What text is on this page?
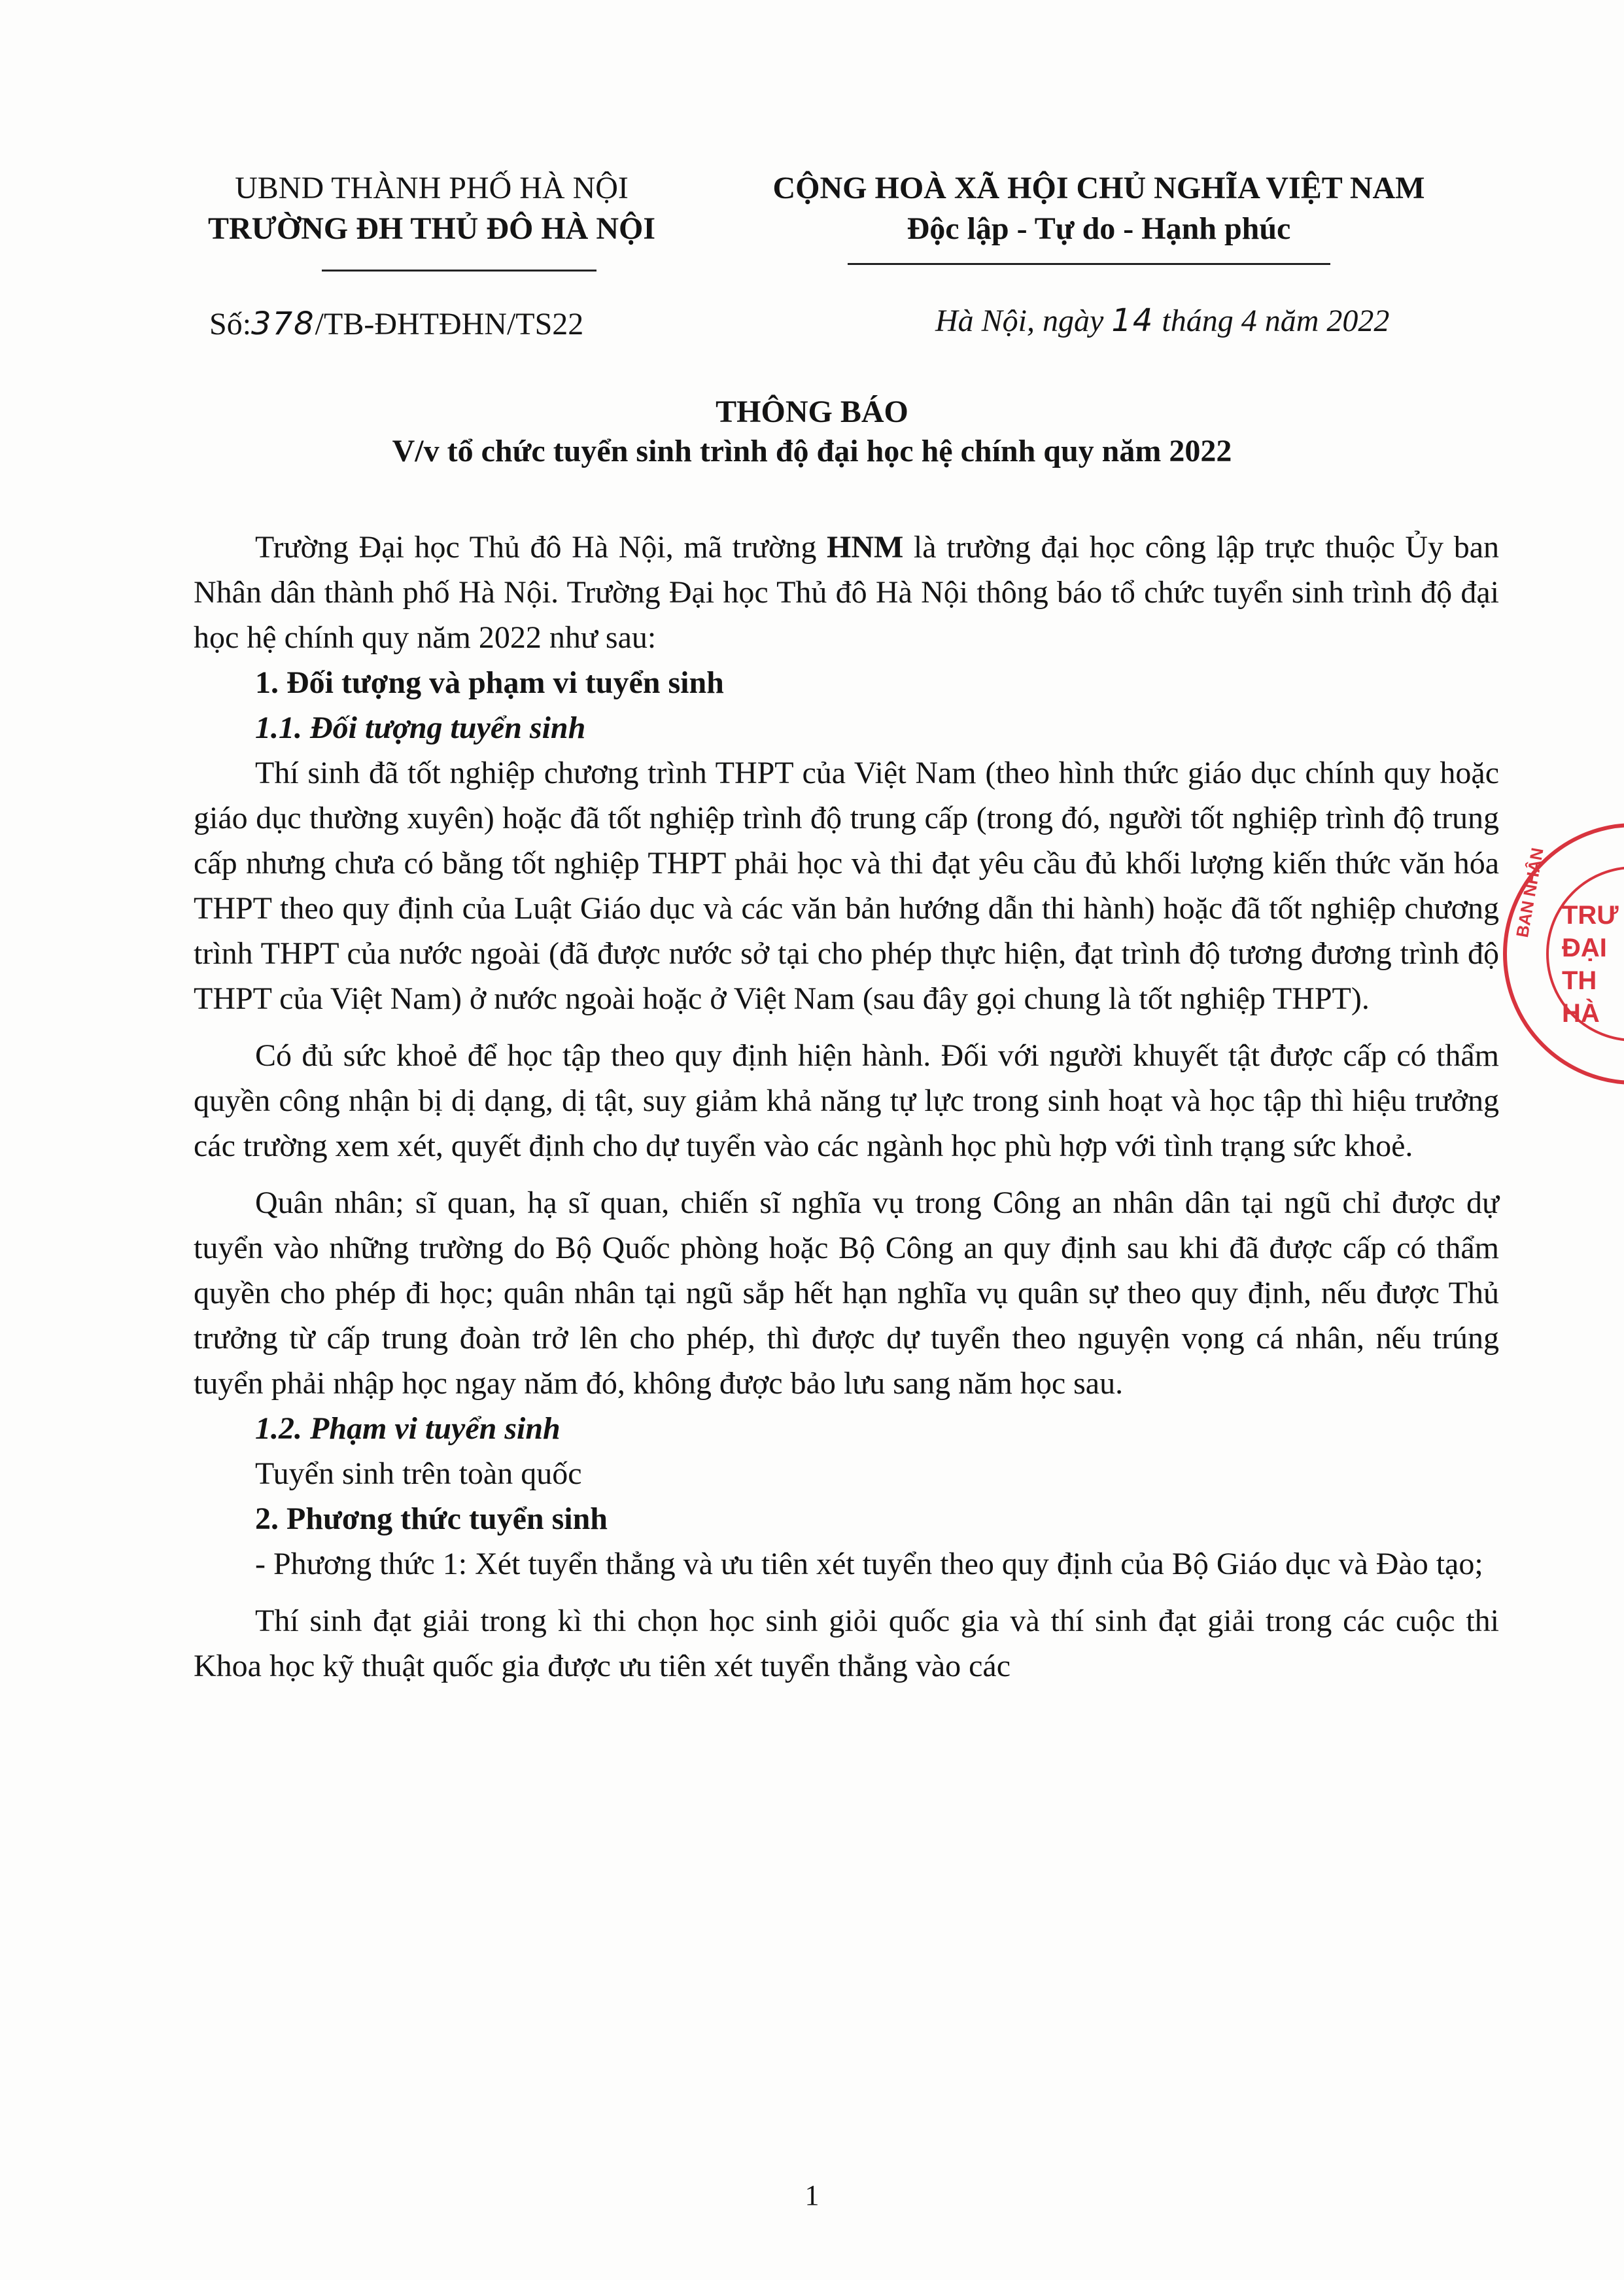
UBND THÀNH PHỐ HÀ NỘI
TRƯỜNG ĐH THỦ ĐÔ HÀ NỘI
CỘNG HOÀ XÃ HỘI CHỦ NGHĨA VIỆT NAM
Độc lập - Tự do - Hạnh phúc
Số:378/TB-ĐHTĐHN/TS22	Hà Nội, ngày 14 tháng 4 năm 2022
THÔNG BÁO
V/v tổ chức tuyển sinh trình độ đại học hệ chính quy năm 2022

Trường Đại học Thủ đô Hà Nội, mã trường HNM là trường đại học công lập trực thuộc Ủy ban Nhân dân thành phố Hà Nội. Trường Đại học Thủ đô Hà Nội thông báo tổ chức tuyển sinh trình độ đại học hệ chính quy năm 2022 như sau:

1. Đối tượng và phạm vi tuyển sinh

1.1. Đối tượng tuyển sinh

Thí sinh đã tốt nghiệp chương trình THPT của Việt Nam (theo hình thức giáo dục chính quy hoặc giáo dục thường xuyên) hoặc đã tốt nghiệp trình độ trung cấp (trong đó, người tốt nghiệp trình độ trung cấp nhưng chưa có bằng tốt nghiệp THPT phải học và thi đạt yêu cầu đủ khối lượng kiến thức văn hóa THPT theo quy định của Luật Giáo dục và các văn bản hướng dẫn thi hành) hoặc đã tốt nghiệp chương trình THPT của nước ngoài (đã được nước sở tại cho phép thực hiện, đạt trình độ tương đương trình độ THPT của Việt Nam) ở nước ngoài hoặc ở Việt Nam (sau đây gọi chung là tốt nghiệp THPT).

Có đủ sức khoẻ để học tập theo quy định hiện hành. Đối với người khuyết tật được cấp có thẩm quyền công nhận bị dị dạng, dị tật, suy giảm khả năng tự lực trong sinh hoạt và học tập thì hiệu trưởng các trường xem xét, quyết định cho dự tuyển vào các ngành học phù hợp với tình trạng sức khoẻ.

Quân nhân; sĩ quan, hạ sĩ quan, chiến sĩ nghĩa vụ trong Công an nhân dân tại ngũ chỉ được dự tuyển vào những trường do Bộ Quốc phòng hoặc Bộ Công an quy định sau khi đã được cấp có thẩm quyền cho phép đi học; quân nhân tại ngũ sắp hết hạn nghĩa vụ quân sự theo quy định, nếu được Thủ trưởng từ cấp trung đoàn trở lên cho phép, thì được dự tuyển theo nguyện vọng cá nhân, nếu trúng tuyển phải nhập học ngay năm đó, không được bảo lưu sang năm học sau.

1.2. Phạm vi tuyển sinh

Tuyển sinh trên toàn quốc

2. Phương thức tuyển sinh

- Phương thức 1: Xét tuyển thẳng và ưu tiên xét tuyển theo quy định của Bộ Giáo dục và Đào tạo;

Thí sinh đạt giải trong kì thi chọn học sinh giỏi quốc gia và thí sinh đạt giải trong các cuộc thi Khoa học kỹ thuật quốc gia được ưu tiên xét tuyển thẳng vào các

TRƯ
ĐẠI
TH
HÀ
BAN NHÂN
1
